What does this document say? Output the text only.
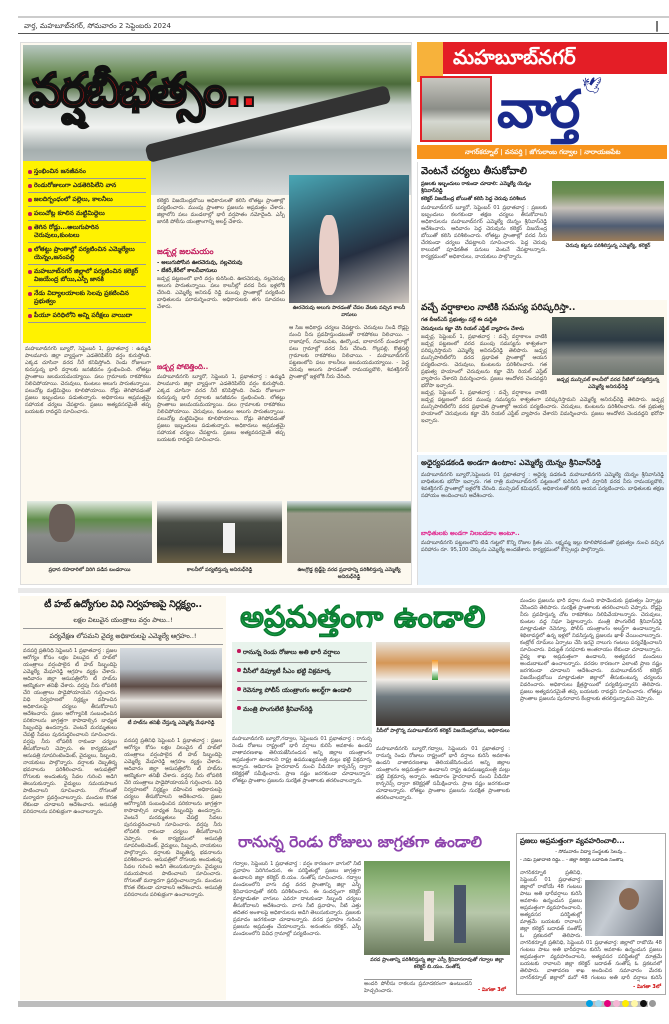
వార్త, మహబూబ్‌నగర్, సోమవారం 2 సెప్టెంబరు 2024	|
వర్షబీభత్సం..
స్తంభించిన జనజీవనం
రెండురోజులుగా ఎడతెరిపిలేని వాన
జలదిగ్బంధంలో పల్లెలు, కాలనీలు
పలుచోట్ల కూలిన మట్టిమిద్దెలు
తెగిన రోడ్లు...అలుగుపారిన చెరువులు,కుంటలు
లోతట్టు ప్రాంతాల్లో పర్యటించిన ఎమ్మెల్యేలు యెన్నం,జనంపల్లి
మహబూబ్‌నగర్ జిల్లాలో పర్యటించిన కలెక్టర్ విజయేంద్ర బోయి,ఎస్పీ జానకి
నేడు విద్యాలయాలకు సెలవు ప్రకటించిన ప్రభుత్వం
పీయూ పరిధిలోని అన్ని పరీక్షలు వాయిదా
మహబూబ్‌నగర్ బ్యూరో, సెప్టెంబర్ 1, ప్రభాతవార్త : ఉమ్మడి పాలమూరు జిల్లా వ్యాప్తంగా ఎడతెరిపిలేని వర్షం కురుస్తోంది. ఎక్కడ చూసినా వరద నీరే కనిపిస్తోంది. రెండు రోజులుగా కురుస్తున్న భారీ వర్షాలకు జనజీవనం స్తంభించింది. లోతట్టు ప్రాంతాలు జలమయమయ్యాయి. పలు గ్రామాలకు రాకపోకలు నిలిచిపోయాయి. చెరువులు, కుంటలు అలుగు పారుతున్నాయి. పలుచోట్ల మట్టిమిద్దెలు కూలిపోయాయి. రోడ్లు తెగిపోవడంతో ప్రజలు ఇబ్బందులు పడుతున్నారు. అధికారులు అప్రమత్తమై సహాయక చర్యలు చేపట్టారు. ప్రజలు అత్యవసరమైతే తప్ప బయటకు రావద్దని సూచించారు.
కలెక్టర్ విజయేంద్రబోయి అధికారులతో కలిసి లోతట్టు ప్రాంతాల్లో పర్యటించారు. ముంపు ప్రాంతాల ప్రజలను అప్రమత్తం చేశారు. జిల్లాలోని పలు మండలాల్లో భారీ వర్షపాతం నమోదైంది. ఎస్పీ జానకి పోలీసు యంత్రాంగాన్ని అలర్ట్ చేశారు.
జడ్చర్ల జలమయం
- అలుగుపోసిన ఊరచెరువు, నల్లచెరువు
- బేకరీ,కేరీలో కాలనీవాసులు
జడ్చర్ల పట్టణంలో భారీ వర్షం కురిసింది. ఊరచెరువు, నల్లచెరువు అలుగు పారుతున్నాయి. పలు కాలనీల్లో వరద నీరు ఇళ్లలోకి చేరింది. ఎమ్మెల్యే అనిరుధ్ రెడ్డి ముంపు ప్రాంతాల్లో పర్యటించి బాధితులను పరామర్శించారు. అధికారులకు తగు సూచనలు చేశారు.
జడ్చర్ల పోటెత్తింది..
మహబూబ్‌నగర్ బ్యూరో, సెప్టెంబర్ 1, ప్రభాతవార్త : ఉమ్మడి పాలమూరు జిల్లా వ్యాప్తంగా ఎడతెరిపిలేని వర్షం కురుస్తోంది. ఎక్కడ చూసినా వరద నీరే కనిపిస్తోంది. రెండు రోజులుగా కురుస్తున్న భారీ వర్షాలకు జనజీవనం స్తంభించింది. లోతట్టు ప్రాంతాలు జలమయమయ్యాయి. పలు గ్రామాలకు రాకపోకలు నిలిచిపోయాయి. చెరువులు, కుంటలు అలుగు పారుతున్నాయి. పలుచోట్ల మట్టిమిద్దెలు కూలిపోయాయి. రోడ్లు తెగిపోవడంతో ప్రజలు ఇబ్బందులు పడుతున్నారు. అధికారులు అప్రమత్తమై సహాయక చర్యలు చేపట్టారు. ప్రజలు అత్యవసరమైతే తప్ప బయటకు రావద్దని సూచించారు.
ఊరచెరువు అలుగు పారడంతో చేపల వేటకు వచ్చిన కాలనీ వాసులు
ఆ సీజ అధికార్లు చర్యలు చేపట్టారు. చెరువులు నిండి రోడ్లపై నుంచి నీరు ప్రవహిస్తుండటంతో రాకపోకలు నిలిచాయి. - రాజాపూర్, నవాబుపేట, ఊర్కొండ, బాలానగర్ మండలాల్లో పలు గ్రామాల్లో వరద నీరు చేరింది. గొల్లపల్లి, కొత్తపల్లి గ్రామాలకు రాకపోకలు నిలిచాయి. - మహబూబ్‌నగర్ పట్టణంలోని పలు కాలనీలు జలమయమయ్యాయి. - పెద్ద చెరువు అలుగు పారడంతో రామయ్యబౌలి, శివశక్తినగర్ ప్రాంతాల్లో ఇళ్లలోకి నీరు చేరింది.
ప్రధాన రహదారిలో విరిగి పడిన బండరాయి	కాలనీలో పర్యటిస్తున్న అనిరుధ్‌రెడ్డి	ఊంగ్రొడ్డ బ్రిడ్జ్‌పై వరద ప్రవాహన్ని పరిశీలిస్తున్న ఎమ్మెల్యే అనిరుధ్‌రెడ్డి
మహబూబ్‌నగర్
🕊
వార్త
నాగర్‌కర్నూల్ | వనపర్తి | జోగులాంబ గద్వాల | నారాయణపేట
వెంటనే చర్యలు తీసుకోవాలి
చెరువు కట్టను పరిశీలిస్తున్న ఎమ్మెల్యే, కలెక్టర్
ప్రజలకు ఇబ్బందులు రాకుండా చూడాలి: ఎమ్మెల్యే యెన్నం శ్రీనివాస్‌రెడ్డి
కలెక్టర్ విజయేంద్ర బోయితో కలిసి పెద్ద చెరువు పరిశీలన
మహబూబ్‌నగర్ బ్యూరో, సెప్టెంబర్ 01 ప్రభాతవార్త : ప్రజలకు ఇబ్బందులు కలగకుండా తక్షణ చర్యలు తీసుకోవాలని అధికారులను మహబూబ్‌నగర్ ఎమ్మెల్యే యెన్నం శ్రీనివాస్‌రెడ్డి ఆదేశించారు. ఆదివారం పెద్ద చెరువును కలెక్టర్ విజయేంద్ర బోయితో కలిసి పరిశీలించారు. లోతట్టు ప్రాంతాల్లో వరద నీరు చేరకుండా చర్యలు చేపట్టాలని సూచించారు. పెద్ద చెరువు కాలువలో పూడికతీత పనులు వెంటనే చేపట్టాలన్నారు. కార్యక్రమంలో అధికారులు, నాయకులు పాల్గొన్నారు.
వచ్చే వర్షాకాలం నాటికి సమస్య పరిష్కరిస్తా..
జడ్చర్ల మున్సిపల్ కాలనీలో వరద నీటిలో పర్యటిస్తున్న ఎమ్మెల్యే అనిరుధ్‌రెడ్డి
గత బీఆర్ఎస్ ప్రభుత్వం వల్లే ఈ దుస్థితి
చెరువులను కబ్జా చేసి రియల్ ఎస్టేట్ వ్యాపారం చేశారు
జడ్చర్ల, సెప్టెంబర్ 1, ప్రభాతవార్త : వచ్చే వర్షాకాలం నాటికి జడ్చర్ల పట్టణంలో వరద ముంపు సమస్యను శాశ్వతంగా పరిష్కరిస్తామని ఎమ్మెల్యే అనిరుధ్‌రెడ్డి తెలిపారు. జడ్చర్ల మున్సిపాలిటీలోని వరద ప్రభావిత ప్రాంతాల్లో ఆయన పర్యటించారు. చెరువులు, కుంటలను పరిశీలించారు. గత ప్రభుత్వ హయాంలో చెరువులను కబ్జా చేసి రియల్ ఎస్టేట్ వ్యాపారం చేశారని విమర్శించారు. ప్రజలు ఆందోళన చెందవద్దని భరోసా ఇచ్చారు.
జడ్చర్ల, సెప్టెంబర్ 1, ప్రభాతవార్త : వచ్చే వర్షాకాలం నాటికి జడ్చర్ల పట్టణంలో వరద ముంపు సమస్యను శాశ్వతంగా పరిష్కరిస్తామని ఎమ్మెల్యే అనిరుధ్‌రెడ్డి తెలిపారు. జడ్చర్ల మున్సిపాలిటీలోని వరద ప్రభావిత ప్రాంతాల్లో ఆయన పర్యటించారు. చెరువులు, కుంటలను పరిశీలించారు. గత ప్రభుత్వ హయాంలో చెరువులను కబ్జా చేసి రియల్ ఎస్టేట్ వ్యాపారం చేశారని విమర్శించారు. ప్రజలు ఆందోళన చెందవద్దని భరోసా ఇచ్చారు.
అధైర్యపడకండి అండగా ఉంటాం: ఎమ్మెల్యే యెన్నం శ్రీనివాస్‌రెడ్డి
మహబూబ్‌నగర్ బ్యూరో,సెప్టెంబరు 01 ప్రభాతవార్త : అధైర్య పడకండి మహబూబ్‌నగర్ ఎమ్మెల్యే యెన్నం శ్రీనివాస్‌రెడ్డి బాధితులకు భరోసా ఇచ్చారు. గత రాత్రి మహబూబ్‌నగర్ పట్టణంలో కురిసిన భారీ వర్షానికి వరద నీరు రామయ్యబౌలి, శివశక్తినగర్ ప్రాంతాల్లో ఇళ్లలోకి చేరింది. మున్సిపల్ కమిషనర్, అధికారులతో కలిసి ఆయన పర్యటించారు. బాధితులకు తక్షణ సహాయం అందించాలని ఆదేశించారు.
బాధితులకు అండగా నిలబడదాం అంటూ..
మహబూబ్‌నగర్ పట్టణంలోని టీడీ గుట్టలో కొన్ని రోజుల క్రితం ఎస్. లక్ష్మమ్మ ఇల్లు కూలిపోవడంతో ప్రభుత్వం నుంచి వచ్చిన పరిహారం రూ. 95,100 చెక్కును ఎమ్మెల్యే అందజేశారు. కార్యక్రమంలో కౌన్సిలర్లు పాల్గొన్నారు.
టీ హబ్ ఉద్యోగుల విధి నిర్వహణపై నిర్లక్ష్యం..
లక్షల విలువైన యంత్రాలు వర్షం పాలు..!
పర్యవేక్షణ లోపమని వైద్య అధికారులపై ఎమ్మెల్యే ఆగ్రహం..!
టీ హబ్‌ను తనిఖీ చేస్తున్న ఎమ్మెల్యే మేఘారెడ్డి
వనపర్తి ప్రతినిధి సెప్టెంబర్ 1 ప్రభాతవార్త : ప్రజల ఆరోగ్యం కోసం లక్షల విలువైన టీ హబ్‌లో యంత్రాలు వర్షంపాలైన టీ హబ్ సిబ్బందిపై ఎమ్మెల్యే మేఘారెడ్డి ఆగ్రహం వ్యక్తం చేశారు. ఆదివారం జిల్లా ఆసుపత్రిలోని టీ హబ్‌ను ఆకస్మికంగా తనిఖీ చేశారు. వర్షపు నీరు లోపలికి చేరి యంత్రాలు పాడైపోయాయని గుర్తించారు. విధి నిర్వహణలో నిర్లక్ష్యం వహించిన అధికారులపై చర్యలు తీసుకోవాలని ఆదేశించారు. ప్రజల ఆరోగ్యానికి సంబంధించిన పరికరాలను జాగ్రత్తగా కాపాడాల్సిన బాధ్యత సిబ్బందిపై ఉందన్నారు. వెంటనే మరమ్మతులు చేపట్టి సేవలు పునరుద్ధరించాలని సూచించారు. వర్షపు నీరు లోపలికి రాకుండా చర్యలు తీసుకోవాలని చెప్పారు. ఈ కార్యక్రమంలో ఆసుపత్రి సూపరింటెండెంట్, వైద్యులు, సిబ్బంది, నాయకులు పాల్గొన్నారు. వర్షాలకు దెబ్బతిన్న భవనాలను పరిశీలించారు. ఆసుపత్రిలో రోగులకు అందుతున్న సేవల గురించి అడిగి తెలుసుకున్నారు. వైద్యులు సమయపాలన పాటించాలని సూచించారు. రోగులతో మర్యాదగా ప్రవర్తించాలన్నారు. మందుల కొరత లేకుండా చూడాలని ఆదేశించారు. ఆసుపత్రి పరిసరాలను పరిశుభ్రంగా ఉంచాలన్నారు.
వనపర్తి ప్రతినిధి సెప్టెంబర్ 1 ప్రభాతవార్త : ప్రజల ఆరోగ్యం కోసం లక్షల విలువైన టీ హబ్‌లో యంత్రాలు వర్షంపాలైన టీ హబ్ సిబ్బందిపై ఎమ్మెల్యే మేఘారెడ్డి ఆగ్రహం వ్యక్తం చేశారు. ఆదివారం జిల్లా ఆసుపత్రిలోని టీ హబ్‌ను ఆకస్మికంగా తనిఖీ చేశారు. వర్షపు నీరు లోపలికి చేరి యంత్రాలు పాడైపోయాయని గుర్తించారు. విధి నిర్వహణలో నిర్లక్ష్యం వహించిన అధికారులపై చర్యలు తీసుకోవాలని ఆదేశించారు. ప్రజల ఆరోగ్యానికి సంబంధించిన పరికరాలను జాగ్రత్తగా కాపాడాల్సిన బాధ్యత సిబ్బందిపై ఉందన్నారు. వెంటనే మరమ్మతులు చేపట్టి సేవలు పునరుద్ధరించాలని సూచించారు. వర్షపు నీరు లోపలికి రాకుండా చర్యలు తీసుకోవాలని చెప్పారు. ఈ కార్యక్రమంలో ఆసుపత్రి సూపరింటెండెంట్, వైద్యులు, సిబ్బంది, నాయకులు పాల్గొన్నారు. వర్షాలకు దెబ్బతిన్న భవనాలను పరిశీలించారు. ఆసుపత్రిలో రోగులకు అందుతున్న సేవల గురించి అడిగి తెలుసుకున్నారు. వైద్యులు సమయపాలన పాటించాలని సూచించారు. రోగులతో మర్యాదగా ప్రవర్తించాలన్నారు. మందుల కొరత లేకుండా చూడాలని ఆదేశించారు. ఆసుపత్రి పరిసరాలను పరిశుభ్రంగా ఉంచాలన్నారు.
అప్రమత్తంగా ఉండాలి
రానున్న రెండు రోజులు అతి భారీ వర్షాలు
వీసీలో డిప్యూటీ సీఎం భట్టి విక్రమార్క
రెవెన్యూ పోలీస్ యంత్రాంగం అలర్ట్‌గా ఉండాలి
మంత్రి పొంగులేటి శ్రీనివాస్‌రెడ్డి
మహబూబ్‌నగర్ బ్యూరో,గద్వాల, సెప్టెంబరు 01 ప్రభాతవార్త : రానున్న రెండు రోజులు రాష్ట్రంలో భారీ వర్షాలు కురిసే అవకాశం ఉందని వాతావరణశాఖ తెలియజేసినందున అన్ని జిల్లాల యంత్రాంగం అప్రమత్తంగా ఉండాలని రాష్ట్ర ఉపముఖ్యమంత్రి మల్లు భట్టి విక్రమార్క అన్నారు. ఆదివారం హైదరాబాద్ నుంచి వీడియో కాన్ఫరెన్స్ ద్వారా కలెక్టర్లతో సమీక్షించారు. ప్రాణ నష్టం జరగకుండా చూడాలన్నారు. లోతట్టు ప్రాంతాల ప్రజలను సురక్షిత ప్రాంతాలకు తరలించాలన్నారు.
వీసీలో పాల్గొన్న మహబూబ్‌నగర్ కలెక్టర్ విజయేంద్రబోయి, అధికారులు
మహబూబ్‌నగర్ బ్యూరో,గద్వాల, సెప్టెంబరు 01 ప్రభాతవార్త : రానున్న రెండు రోజులు రాష్ట్రంలో భారీ వర్షాలు కురిసే అవకాశం ఉందని వాతావరణశాఖ తెలియజేసినందున అన్ని జిల్లాల యంత్రాంగం అప్రమత్తంగా ఉండాలని రాష్ట్ర ఉపముఖ్యమంత్రి మల్లు భట్టి విక్రమార్క అన్నారు. ఆదివారం హైదరాబాద్ నుంచి వీడియో కాన్ఫరెన్స్ ద్వారా కలెక్టర్లతో సమీక్షించారు. ప్రాణ నష్టం జరగకుండా చూడాలన్నారు. లోతట్టు ప్రాంతాల ప్రజలను సురక్షిత ప్రాంతాలకు తరలించాలన్నారు.
మండల ప్రజలను భారీ వర్షాల నుంచి కాపాడేందుకు ప్రభుత్వం ఏర్పాట్లు చేసిందని తెలిపారు. సురక్షిత ప్రాంతాలకు తరలించాలని చెప్పారు. రోడ్లపై నీరు ప్రవహిస్తున్న చోట రాకపోకలు నిలిపివేయాలన్నారు. చెరువులు, కుంటల వద్ద నిఘా పెట్టాలన్నారు. మంత్రి పొంగులేటి శ్రీనివాస్‌రెడ్డి మాట్లాడుతూ రెవెన్యూ, పోలీస్ యంత్రాంగం అలర్ట్‌గా ఉండాలన్నారు. శిథిలావస్థలో ఉన్న ఇళ్లలో నివసిస్తున్న ప్రజలను ఖాళీ చేయించాలన్నారు. కంట్రోల్ రూమ్‌లు ఏర్పాటు చేసి ఇరవై నాలుగు గంటలు పర్యవేక్షించాలని సూచించారు. విద్యుత్ సరఫరాకు అంతరాయం లేకుండా చూడాలన్నారు. వైద్య శాఖ అప్రమత్తంగా ఉండాలని, అత్యవసర మందులు అందుబాటులో ఉంచాలన్నారు. వరదల కారణంగా ఎలాంటి ప్రాణ నష్టం జరగకుండా చూడాలని ఆదేశించారు. మహబూబ్‌నగర్ కలెక్టర్ విజయేంద్రబోయి మాట్లాడుతూ జిల్లాలో తీసుకుంటున్న చర్యలను వివరించారు. అధికారులు క్షేత్రస్థాయిలో పర్యటిస్తున్నారని తెలిపారు. ప్రజలు అత్యవసరమైతే తప్ప బయటకు రావద్దని సూచించారు. లోతట్టు ప్రాంతాల ప్రజలను పునరావాస కేంద్రాలకు తరలిస్తున్నామని చెప్పారు.
రానున్న రెండు రోజులు జాగ్రతగా ఉండాలి
గద్వాల, సెప్టెంబర్ 1 ప్రభాతవార్త : వర్షం కారణంగా వాగులో నీటి ప్రవాహం పెరిగినందున, ఈ పరిస్థితుల్లో ప్రజలు జాగ్రత్తగా ఉండాలని జిల్లా కలెక్టర్ బి.యం. సంతోష్ సూచించారు. గద్వాల మండలంలోని వాగు వద్ద వరద ప్రాంతాన్ని జిల్లా ఎస్పీ శ్రీనివాసరావుతో కలిసి పరిశీలించారు. ఈ సందర్భంగా కలెక్టర్ మాట్లాడుతూ వాగులు ఎవరూ దాటకుండా సిబ్బంది చర్యలు తీసుకోవాలని ఆదేశించారు. వాగు నీటి ప్రవాహం, నీటి ఎత్తు తదితర అంశాలపై అధికారులను అడిగి తెలుసుకున్నారు. ప్రజలకు ప్రమాదం జరగకుండా చూడాలన్నారు. వరద ప్రవాహం గురించి ప్రజలను అప్రమత్తం చేయాలన్నారు. అనంతరం కలెక్టర్, ఎస్పీ మండలంలోని వివిధ గ్రామాల్లో పర్యటించారు.
వరద ప్రాంతాన్ని పరిశీలిస్తున్న జిల్లా ఎస్పీ శ్రీనివాసరావుతో గద్వాల జిల్లా కలెక్టర్ బి.యం. సంతోష్
అందరి పోలీసు రాకలను ప్రమాదకరంగా ఉంటుందని హెచ్చరించారు.	- మిగతా 3లో
ప్రజలు అప్రమత్తంగా వ్యవహరించాలి...
- సోమవారం విద్యా సంస్థలకు సెలవు...
- నేడు ప్రజావాణి రద్దు... - జిల్లా కలెక్టర్ బదావత్ సంతోష్
నాగర్‌కర్నూల్ ప్రతినిధి, సెప్టెంబర్ 01 ప్రభాతవార్త: జిల్లాలో రాబోయే 48 గంటలు పాటు అతి భారీవర్షాలు కురిసే అవకాశం ఉన్నందున ప్రజలు అప్రమత్తంగా వ్యవహరించాలని, అత్యవసర పరిస్థితుల్లో మాత్రమే బయటకు రావాలని జిల్లా కలెక్టర్ బదావత్ సంతోష్ ఓ ప్రకటనలో తెలిపారు.
నాగర్‌కర్నూల్ ప్రతినిధి, సెప్టెంబర్ 01 ప్రభాతవార్త: జిల్లాలో రాబోయే 48 గంటలు పాటు అతి భారీవర్షాలు కురిసే అవకాశం ఉన్నందున ప్రజలు అప్రమత్తంగా వ్యవహరించాలని, అత్యవసర పరిస్థితుల్లో మాత్రమే బయటకు రావాలని జిల్లా కలెక్టర్ బదావత్ సంతోష్ ఓ ప్రకటనలో తెలిపారు. వాతావరణ శాఖ అందించిన సమాచారం మేరకు నాగర్‌కర్నూల్ జిల్లాలో మరో 48 గంటలు అతి భారీ వర్షాలు కురిసే
- మిగతా 3లో
